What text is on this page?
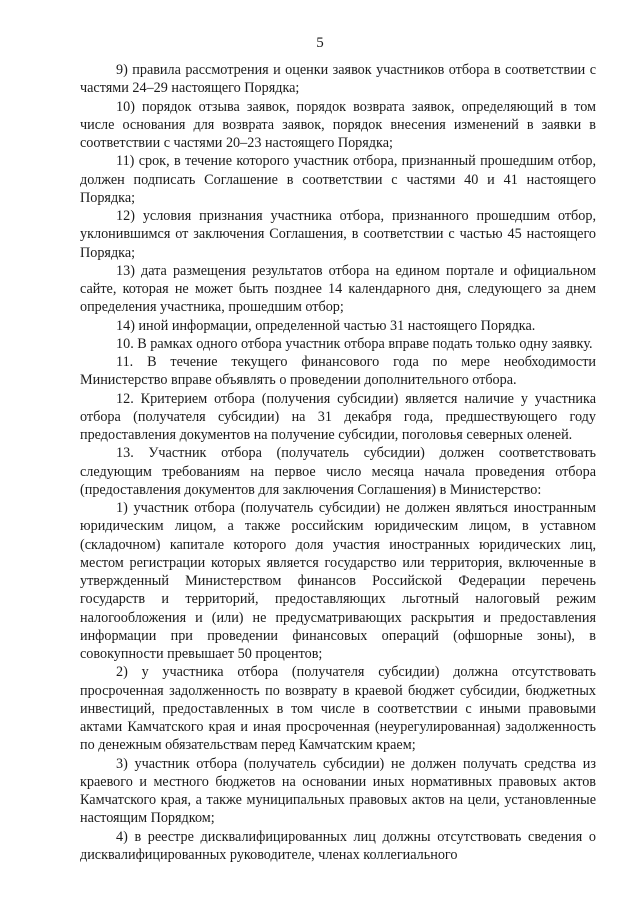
5

9) правила рассмотрения и оценки заявок участников отбора в соответствии с частями 24–29 настоящего Порядка;

10) порядок отзыва заявок, порядок возврата заявок, определяющий в том числе основания для возврата заявок, порядок внесения изменений в заявки в соответствии с частями 20–23 настоящего Порядка;

11) срок, в течение которого участник отбора, признанный прошедшим отбор, должен подписать Соглашение в соответствии с частями 40 и 41 настоящего Порядка;

12) условия признания участника отбора, признанного прошедшим отбор, уклонившимся от заключения Соглашения, в соответствии с частью 45 настоящего Порядка;

13) дата размещения результатов отбора на едином портале и официальном сайте, которая не может быть позднее 14 календарного дня, следующего за днем определения участника, прошедшим отбор;

14) иной информации, определенной частью 31 настоящего Порядка.

10. В рамках одного отбора участник отбора вправе подать только одну заявку.

11. В течение текущего финансового года по мере необходимости Министерство вправе объявлять о проведении дополнительного отбора.

12. Критерием отбора (получения субсидии) является наличие у участника отбора (получателя субсидии) на 31 декабря года, предшествующего году предоставления документов на получение субсидии, поголовья северных оленей.

13. Участник отбора (получатель субсидии) должен соответствовать следующим требованиям на первое число месяца начала проведения отбора (предоставления документов для заключения Соглашения) в Министерство:

1) участник отбора (получатель субсидии) не должен являться иностранным юридическим лицом, а также российским юридическим лицом, в уставном (складочном) капитале которого доля участия иностранных юридических лиц, местом регистрации которых является государство или территория, включенные в утвержденный Министерством финансов Российской Федерации перечень государств и территорий, предоставляющих льготный налоговый режим налогообложения и (или) не предусматривающих раскрытия и предоставления информации при проведении финансовых операций (офшорные зоны), в совокупности превышает 50 процентов;

2) у участника отбора (получателя субсидии) должна отсутствовать просроченная задолженность по возврату в краевой бюджет субсидии, бюджетных инвестиций, предоставленных в том числе в соответствии с иными правовыми актами Камчатского края и иная просроченная (неурегулированная) задолженность по денежным обязательствам перед Камчатским краем;

3) участник отбора (получатель субсидии) не должен получать средства из краевого и местного бюджетов на основании иных нормативных правовых актов Камчатского края, а также муниципальных правовых актов на цели, установленные настоящим Порядком;

4) в реестре дисквалифицированных лиц должны отсутствовать сведения о дисквалифицированных руководителе, членах коллегиального
